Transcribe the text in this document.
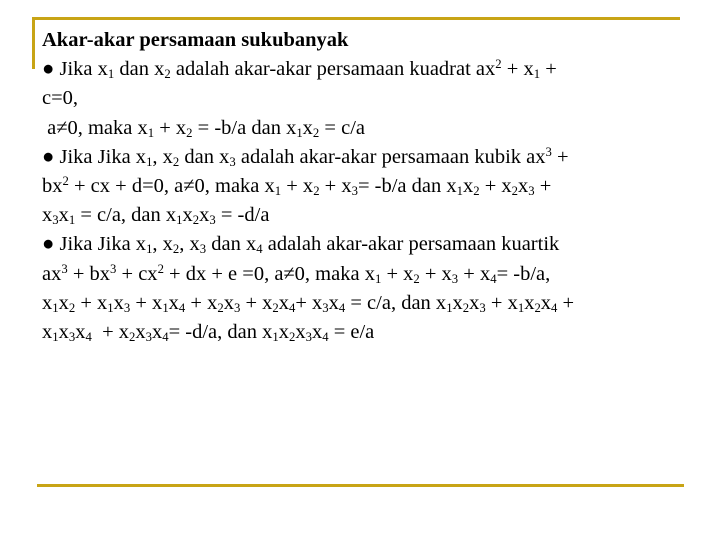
Akar-akar persamaan sukubanyak
● Jika $x_1$ dan $x_2$ adalah akar-akar persamaan kuadrat $ax^2 + x_1$ +
c=0,
a≠0, maka $x_1 + x_2 = -b/a$ dan $x_1x_2 = c/a$
● Jika Jika $x_1$, $x_2$ dan $x_3$ adalah akar-akar persamaan kubik $ax^3$ +
$bx^2$ + cx + d=0, a≠0, maka $x_1 + x_2 + x_3= -b/a$ dan $x_1x_2 + x_2x_3$ +
$x_3x_1 = c/a$, dan $x_1x_2x_3 = -d/a$
● Jika Jika $x_1$, $x_2$, $x_3$ dan $x_4$ adalah akar-akar persamaan kuartik
$ax^3 + bx^3 + cx^2$ + dx + e =0, a≠0, maka $x_1 + x_2 + x_3 + x_4= -b/a$,
$x_1x_2 + x_1x_3 + x_1x_4 + x_2x_3 + x_2x_4+ x_3x_4 = c/a$, dan $x_1x_2x_3 + x_1x_2x_4$ +
$x_1x_3x_4 + x_2x_3x_4= -d/a$, dan $x_1x_2x_3x_4 = e/a$
